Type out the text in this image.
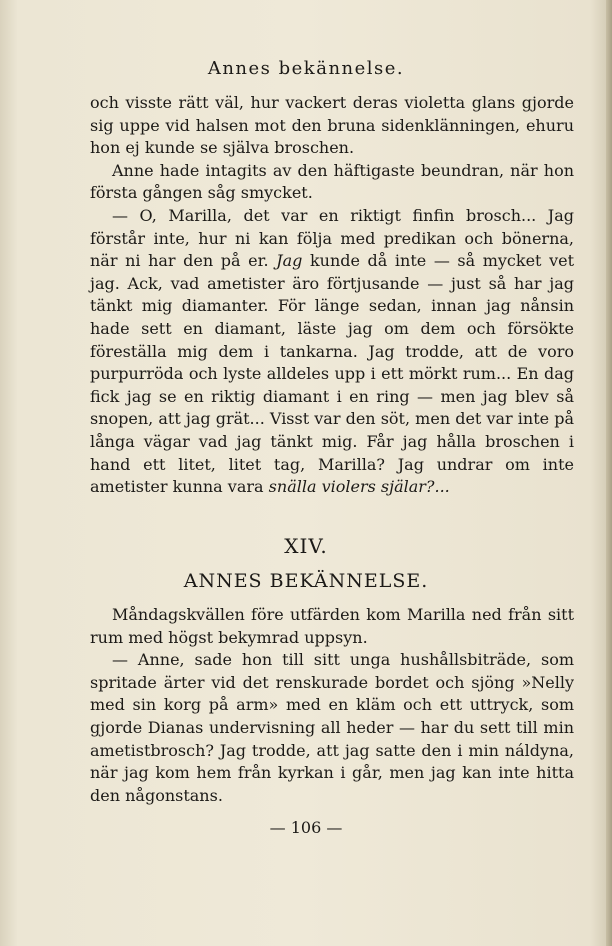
Annes bekännelse.

och visste rätt väl, hur vackert deras violetta glans gjorde sig uppe vid halsen mot den bruna sidenklänningen, ehuru hon ej kunde se själva broschen.

Anne hade intagits av den häftigaste beundran, när hon första gången såg smycket.

— O, Marilla, det var en riktigt finfin brosch... Jag förstår inte, hur ni kan följa med predikan och bönerna, när ni har den på er. Jag kunde då inte — så mycket vet jag. Ack, vad ametister äro förtjusande — just så har jag tänkt mig diamanter. För länge sedan, innan jag nånsin hade sett en diamant, läste jag om dem och försökte föreställa mig dem i tankarna. Jag trodde, att de voro purpurröda och lyste alldeles upp i ett mörkt rum... En dag fick jag se en riktig diamant i en ring — men jag blev så snopen, att jag grät... Visst var den söt, men det var inte på långa vägar vad jag tänkt mig. Får jag hålla broschen i hand ett litet, litet tag, Marilla? Jag undrar om inte ametister kunna vara snälla violers själar?...

XIV.
ANNES BEKÄNNELSE.

Måndagskvällen före utfärden kom Marilla ned från sitt rum med högst bekymrad uppsyn.

— Anne, sade hon till sitt unga hushållsbiträde, som spritade ärter vid det renskurade bordet och sjöng »Nelly med sin korg på arm» med en kläm och ett uttryck, som gjorde Dianas undervisning all heder — har du sett till min ametistbrosch? Jag trodde, att jag satte den i min náldyna, när jag kom hem från kyrkan i går, men jag kan inte hitta den någonstans.

— 106 —
